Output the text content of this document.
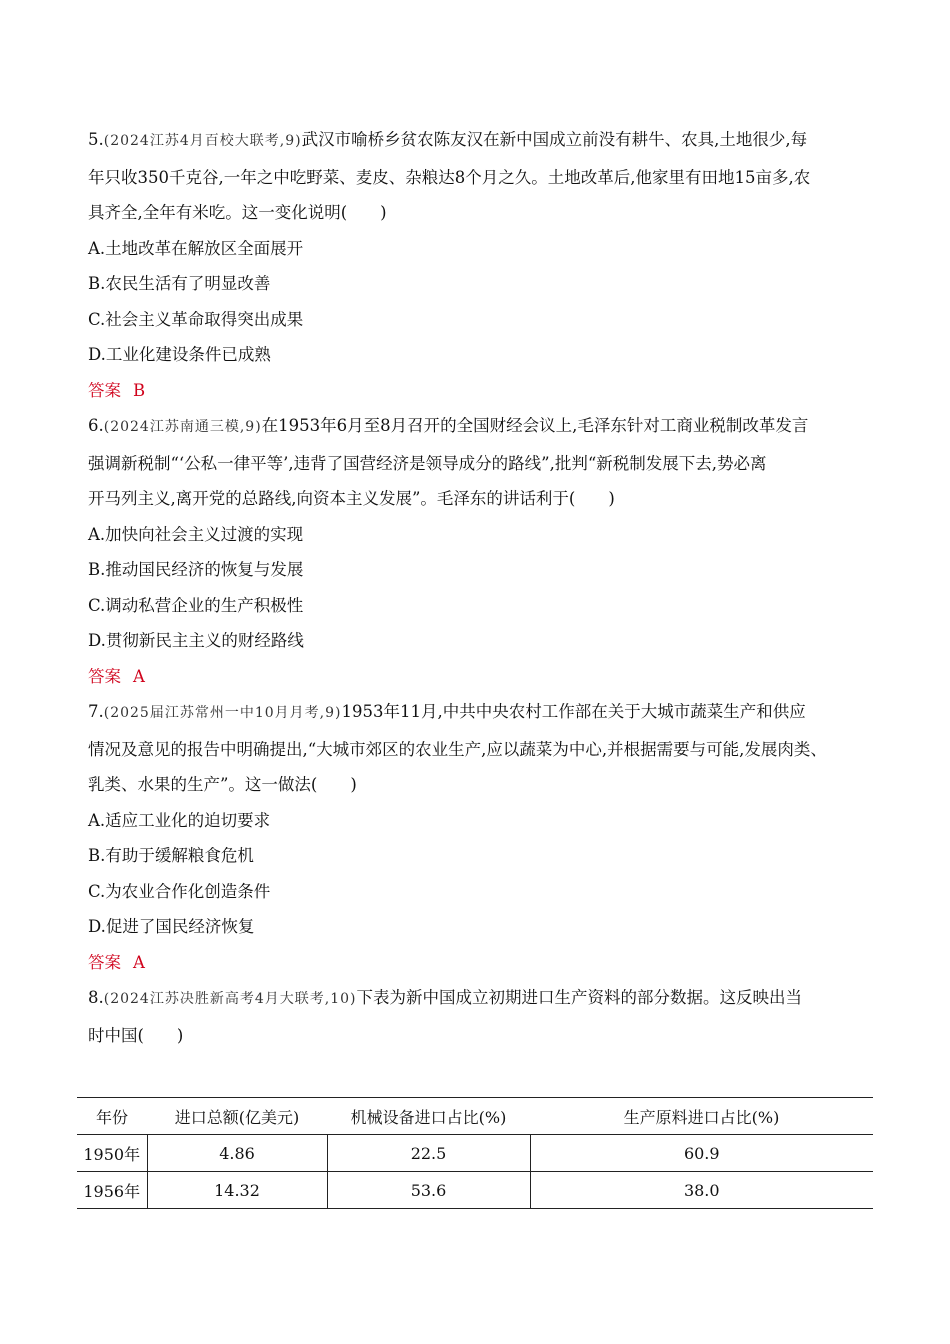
5.(2024江苏4月百校大联考,9)武汉市喻桥乡贫农陈友汉在新中国成立前没有耕牛、农具,土地很少,每

年只收350千克谷,一年之中吃野菜、麦皮、杂粮达8个月之久。土地改革后,他家里有田地15亩多,农

具齐全,全年有米吃。这一变化说明(　　)

A.土地改革在解放区全面展开

B.农民生活有了明显改善

C.社会主义革命取得突出成果

D.工业化建设条件已成熟

答案 B

6.(2024江苏南通三模,9)在1953年6月至8月召开的全国财经会议上,毛泽东针对工商业税制改革发言

强调新税制“‘公私一律平等’,违背了国营经济是领导成分的路线”,批判“新税制发展下去,势必离

开马列主义,离开党的总路线,向资本主义发展”。毛泽东的讲话利于(　　)

A.加快向社会主义过渡的实现

B.推动国民经济的恢复与发展

C.调动私营企业的生产积极性

D.贯彻新民主主义的财经路线

答案 A

7.(2025届江苏常州一中10月月考,9)1953年11月,中共中央农村工作部在关于大城市蔬菜生产和供应

情况及意见的报告中明确提出,“大城市郊区的农业生产,应以蔬菜为中心,并根据需要与可能,发展肉类、

乳类、水果的生产”。这一做法(　　)

A.适应工业化的迫切要求

B.有助于缓解粮食危机

C.为农业合作化创造条件

D.促进了国民经济恢复

答案 A

8.(2024江苏决胜新高考4月大联考,10)下表为新中国成立初期进口生产资料的部分数据。这反映出当

时中国(　　)

年份	进口总额(亿美元)	机械设备进口占比(%)	生产原料进口占比(%)
1950年	4.86	22.5	60.9
1956年	14.32	53.6	38.0
